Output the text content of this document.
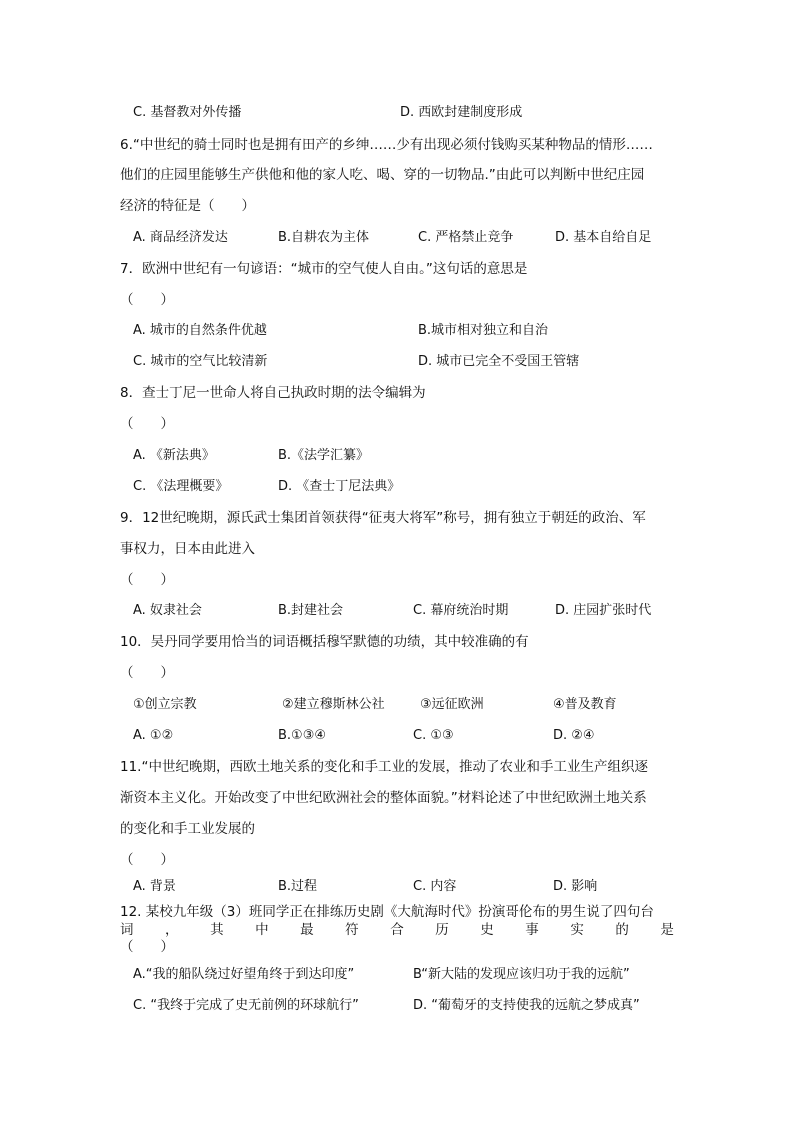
C. 基督教对外传播	D. 西欧封建制度形成
6.“中世纪的骑士同时也是拥有田产的乡绅……少有出现必须付钱购买某种物品的情形……
他们的庄园里能够生产供他和他的家人吃、喝、穿的一切物品.”由此可以判断中世纪庄园
经济的特征是（　　）
A. 商品经济发达	B.自耕农为主体	C. 严格禁止竞争	D. 基本自给自足
7．欧洲中世纪有一句谚语：“城市的空气使人自由。”这句话的意思是
（　　）
A. 城市的自然条件优越	B.城市相对独立和自治
C. 城市的空气比较清新	D. 城市已完全不受国王管辖
8．查士丁尼一世命人将自己执政时期的法令编辑为
（　　）
A. 《新法典》	B.《法学汇纂》
C. 《法理概要》	D. 《查士丁尼法典》
9．12世纪晚期，源氏武士集团首领获得“征夷大将军”称号，拥有独立于朝廷的政治、军
事权力，日本由此进入
（　　）
A. 奴隶社会	B.封建社会	C. 幕府统治时期	D. 庄园扩张时代
10．吴丹同学要用恰当的词语概括穆罕默德的功绩，其中较准确的有
（　　）
①创立宗教	②建立穆斯林公社	③远征欧洲	④普及教育
A. ①②	B.①③④	C. ①③	D. ②④
11.“中世纪晚期，西欧土地关系的变化和手工业的发展，推动了农业和手工业生产组织逐
渐资本主义化。开始改变了中世纪欧洲社会的整体面貌。”材料论述了中世纪欧洲土地关系
的变化和手工业发展的
（　　）
A. 背景	B.过程	C. 内容	D. 影响
12. 某校九年级（3）班同学正在排练历史剧《大航海时代》扮演哥伦布的男生说了四句台
词 ， 其 中 最 符 合 历 史 事 实 的 是
（　　）
A.“我的船队绕过好望角终于到达印度”	B“新大陆的发现应该归功于我的远航”
C. “我终于完成了史无前例的环球航行”	D. “葡萄牙的支持使我的远航之梦成真”
